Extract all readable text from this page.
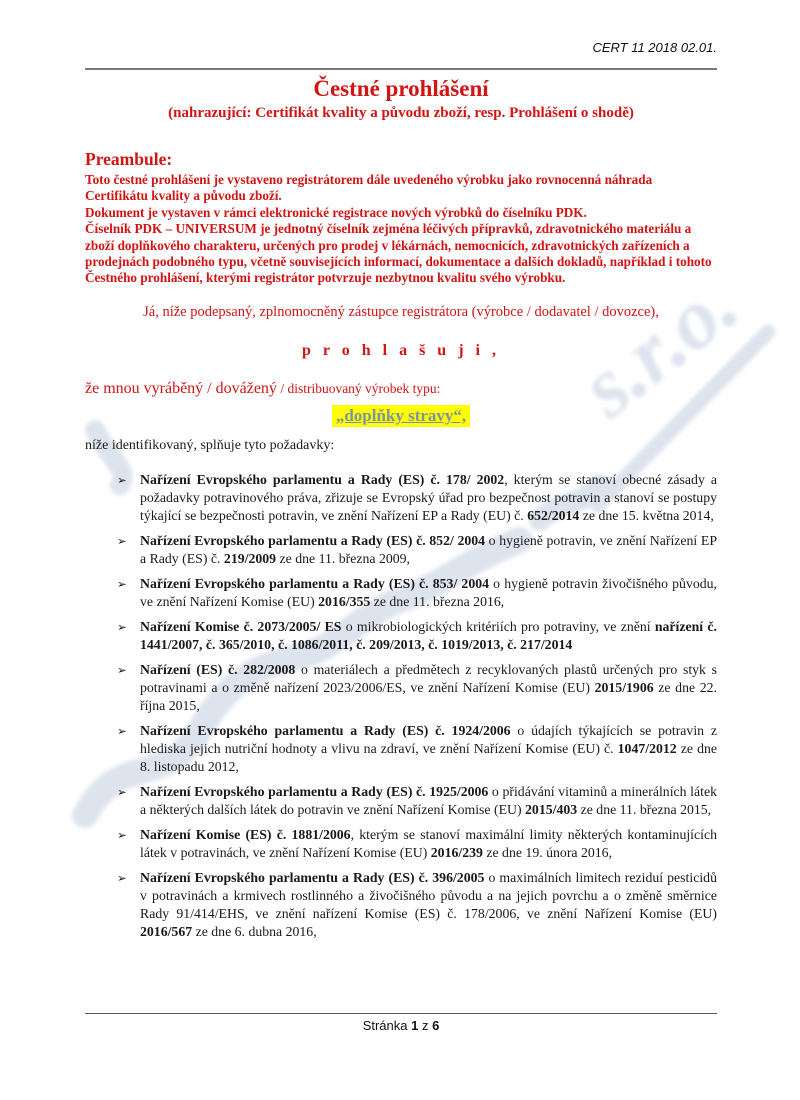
s.r.o.
CERT 11 2018 02.01.
Čestné prohlášení
(nahrazující: Certifikát kvality a původu zboží, resp. Prohlášení o shodě)
Preambule:
Toto čestné prohlášení je vystaveno registrátorem dále uvedeného výrobku jako rovnocenná náhrada Certifikátu kvality a původu zboží.
Dokument je vystaven v rámci elektronické registrace nových výrobků do číselníku PDK.
Číselník PDK – UNIVERSUM je jednotný číselník zejména léčivých přípravků, zdravotnického materiálu a zboží doplňkového charakteru, určených pro prodej v lékárnách, nemocnicích, zdravotnických zařízeních a prodejnách podobného typu, včetně souvisejících informací, dokumentace a dalších dokladů, například i tohoto Čestného prohlášení, kterými registrátor potvrzuje nezbytnou kvalitu svého výrobku.
Já, níže podepsaný, zplnomocněný zástupce registrátora (výrobce / dodavatel / dovozce),
p r o h l a š u j i ,
že mnou vyráběný / dovážený / distribuovaný výrobek typu:
„doplňky stravy“,
níže identifikovaný, splňuje tyto požadavky:
➢ Nařízení Evropského parlamentu a Rady (ES) č. 178/ 2002, kterým se stanoví obecné zásady a požadavky potravinového práva, zřizuje se Evropský úřad pro bezpečnost potravin a stanoví se postupy týkající se bezpečnosti potravin, ve znění Nařízení EP a Rady (EU) č. 652/2014 ze dne 15. května 2014,
➢ Nařízení Evropského parlamentu a Rady (ES) č. 852/ 2004 o hygieně potravin, ve znění Nařízení EP a Rady (ES) č. 219/2009 ze dne 11. března 2009,
➢ Nařízení Evropského parlamentu a Rady (ES) č. 853/ 2004 o hygieně potravin živočišného původu, ve znění Nařízení Komise (EU) 2016/355 ze dne 11. března 2016,
➢ Nařízení Komise č. 2073/2005/ ES o mikrobiologických kritériích pro potraviny, ve znění nařízení č. 1441/2007, č. 365/2010, č. 1086/2011, č. 209/2013, č. 1019/2013, č. 217/2014
➢ Nařízení (ES) č. 282/2008 o materiálech a předmětech z recyklovaných plastů určených pro styk s potravinami a o změně nařízení 2023/2006/ES, ve znění Nařízení Komise (EU) 2015/1906 ze dne 22. října 2015,
➢ Nařízení Evropského parlamentu a Rady (ES) č. 1924/2006 o údajích týkajících se potravin z hlediska jejich nutriční hodnoty a vlivu na zdraví, ve znění Nařízení Komise (EU) č. 1047/2012 ze dne 8. listopadu 2012,
➢ Nařízení Evropského parlamentu a Rady (ES) č. 1925/2006 o přidávání vitaminů a minerálních látek a některých dalších látek do potravin ve znění Nařízení Komise (EU) 2015/403 ze dne 11. března 2015,
➢ Nařízení Komise (ES) č. 1881/2006, kterým se stanoví maximální limity některých kontaminujících látek v potravinách, ve znění Nařízení Komise (EU) 2016/239 ze dne 19. února 2016,
➢ Nařízení Evropského parlamentu a Rady (ES) č. 396/2005 o maximálních limitech reziduí pesticidů v potravinách a krmivech rostlinného a živočišného původu a na jejich povrchu a o změně směrnice Rady 91/414/EHS, ve znění nařízení Komise (ES) č. 178/2006, ve znění Nařízení Komise (EU) 2016/567 ze dne 6. dubna 2016,
Stránka 1 z 6
